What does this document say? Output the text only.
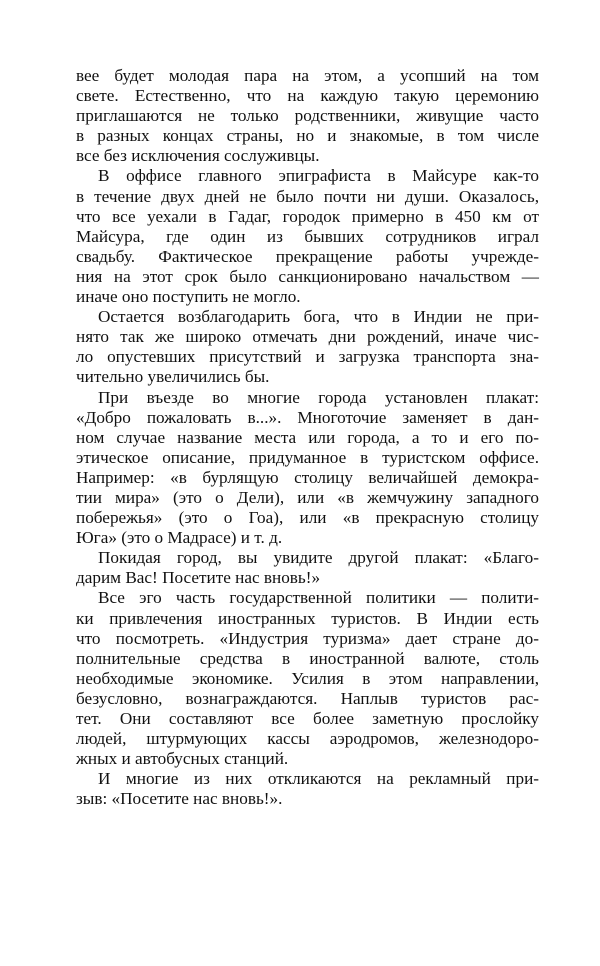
вее будет молодая пара на этом, а усопший на том
свете. Естественно, что на каждую такую церемонию
приглашаются не только родственники, живущие часто
в разных концах страны, но и знакомые, в том числе
все без исключения сослуживцы.
В оффисе главного эпиграфиста в Майсуре как-то
в течение двух дней не было почти ни души. Оказалось,
что все уехали в Гадаг, городок примерно в 450 км от
Майсура, где один из бывших сотрудников играл
свадьбу. Фактическое прекращение работы учрежде-
ния на этот срок было санкционировано начальством —
иначе оно поступить не могло.
Остается возблагодарить бога, что в Индии не при-
нято так же широко отмечать дни рождений, иначе чис-
ло опустевших присутствий и загрузка транспорта зна-
чительно увеличились бы.
При въезде во многие города установлен плакат:
«Добро пожаловать в...». Многоточие заменяет в дан-
ном случае название места или города, а то и его по-
этическое описание, придуманное в туристском оффисе.
Например: «в бурлящую столицу величайшей демокра-
тии мира» (это о Дели), или «в жемчужину западного
побережья» (это о Гоа), или «в прекрасную столицу
Юга» (это о Мадрасе) и т. д.
Покидая город, вы увидите другой плакат: «Благо-
дарим Вас! Посетите нас вновь!»
Все эго часть государственной политики — полити-
ки привлечения иностранных туристов. В Индии есть
что посмотреть. «Индустрия туризма» дает стране до-
полнительные средства в иностранной валюте, столь
необходимые экономике. Усилия в этом направлении,
безусловно, вознаграждаются. Наплыв туристов рас-
тет. Они составляют все более заметную прослойку
людей, штурмующих кассы аэродромов, железнодоро-
жных и автобусных станций.
И многие из них откликаются на рекламный при-
зыв: «Посетите нас вновь!».
